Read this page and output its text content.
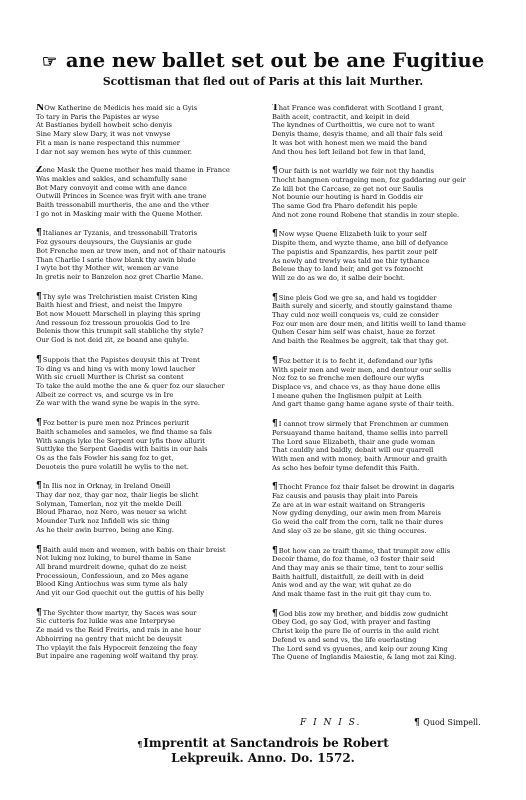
☞ ane new ballet set out be ane Fugitiue
Scottisman that fled out of Paris at this lait Murther.
NOw Katherine de Medicis hes maid sic a Gyis
To tary in Paris the Papistes ar wyse
At Bastianes bydell howbeit scho denyis
Sine Mary slew Dary, it was not vnwyse
Fit a man is nane respectand this nummer
I dar not say wemen hes wyte of this cummer.
Zone Mask the Quene mother hes maid thame in France
Was makles and sakles, and schamfully sane
Bot Mary convoyit and come with ane dance
Outwill Princes in Scence was fryit with ane trane
Baith tressonabill murtheris, the ane and the vther
I go not in Masking mair with the Quene Mother.
¶Italianes ar Tyzanis, and tressonabill Tratoris
Foz gysours deuysours, the Guysianis ar gude
Bot Frenche men ar trew men, and not of thair natouris
Than Charlie I sarie thow blank thy awin blude
I wyte bot thy Mother wit, wemen ar vane
In gretis neir to Banzelon noz gret Charlie Mane.
¶Thy syle was Trelchristien maist Cristen King
Baith hiest and friest, and neist the Impyre
Bot now Mouett Marschell in playing this spring
And ressoun foz tressoun prouokis God to Ire
Belenis thow this trumpit sall stabliche thy style?
Our God is not deid zit, ze boand ane quhyle.
¶Suppois that the Papistes deuysit this at Trent
To ding vs and hing vs with mony lowd laucher
With sic cruell Murther is Christ sa content
To take the auld mothe the ane & quer foz our slaucher
Albeit ze correct vs, and scurge vs in Ire
Ze war with the wand syne be wapis in the syre.
¶Foz better is pure men noz Princes periurit
Baith schameles and sameles, we find thame sa fals
With sangis lyke the Serpent our lyfis thow allurit
Suttlyke the Serpent Gaedis with baitis in our hals
Os as the fals Fowler his sang foz to get,
Deuoteis the pure volatill he wylis to the net.
¶In Ilis noz in Orknay, in Ireland Oneill
Thay dar noz, thay gar noz, thair liegis be slicht
Solyman, Tamerlan, noz yit the mekle Deill
Bloud Pharao, noz Nero, was neuer sa wicht
Mounder Turk noz Infidell wis sic thing
As he their awin burreo, being ane King.
¶Baith auld men and wemen, with babis on thair breist
Not luking noz luking, to burel thame in Sane
All brand murdreit downe, quhat do ze neist
Processioun, Confessioun, and zo Mes agane
Blood King Antiochus was sum tyme als haly
And yit our God quechit out the guttis of his belly
¶The Sychter thow martyr, thy Saces was sour
Sic cutteris foz luikie was ane Interpryse
Ze maid vs the Reid Freiris, and rais in ane hour
Abhoirring na gentry that micht be deuysit
Tho vplayit the fals Hypocreit fenzeing the feay
But inpaire ane ragening wolf waitand thy pray.
That France was confiderat with Scotland I grant,
Baith aceit, contractit, and keipit in deid
The kyndnes of Curthoittis, we cure not to want
Denyis thame, desyis thame, and all thair fals seid
It was bot with honest men we maid the band
And thou hes left leiland bot few in that land,
¶Our faith is not warldly we feir not thy handis
Thocht hangmen outrageing men, foz gaddaring our geir
Ze kill bot the Carcase, ze get not our Saulis
Not bounie our houting is hard in Goddis eir
The same God fra Pharo defendit his peple
And not zone round Robene that standis in zour steple.
¶Now wyse Quene Elizabeth luik to your self
Dispite them, and wyzte thame, ane bill of defyance
The papistis and Spanzardis, hes partit zour pelf
As newly and trewly was tald me thir tythance
Beleue thay to land heir, and get vs foznocht
Will ze do as we do, it salbe deir bocht.
¶Sine pleis God we gre sa, and hald vs togidder
Baith surely and sicerly, and stoutly gainstand thame
Thay culd noz weill conqueis vs, culd ze consider
Foz our men are dour men, and lititis weill to land thame
Quhen Cesar him self was chaist, haue ze forzet
And baith the Realmes be aggreit, tak that thay get.
¶Foz better it is to fecht it, defendand our lyfis
With speir men and weir men, and dentour our sellis
Noz foz to se frenche men defloure our wyfis
Displace vs, and chace vs, as thay haue done ellis
I meane quhen the Inglismen pulpit at Leith
And gart thame gang hame agane syste of thair teith.
¶I cannot trow sirmely that Frenchmen ar cummen
Persuayand thame haitand, thame sellis into parrell
The Lord saue Elizabeth, thair ane gude woman
That cauldly and baldly, debait will our quarrell
With men and with money, baith Armour and graith
As scho hes befoir tyme defendit this Faith.
¶Thocht France foz thair falset be drowint in dagaris
Faz causis and pausis thay plait into Pareis
Ze are at in war estait waitand on Strangeris
Now gyding denyding, our awin men from Mareis
Go weid the calf from the corn, talk ne thair dures
And slay o3 ze be slane, git sic thing occures.
¶Bot how can ze traift thame, that trumpit zow ellis
Decoir thame, do foz thame, o3 foster thair seid
And thay may anis se thair time, tent to zour sellis
Baith haitfull, distaitfull, ze deill with in deid
Anis wod and ay the war, wit quhat ze do
And mak thame fast in the ruit git thay cum to.
¶God blis zow my brether, and biddis zow gudnicht
Obey God, go say God, with prayer and fasting
Christ keip the pure Ile of ourris in the auld richt
Defend vs and send vs, the life euerlasting
The Lord send vs gyuenes, and keip our zoung King
The Quene of Inglandis Maiestie, & lang mot zai King.
F I N I S.	¶ Quod Simpell.
¶Imprentit at Sanctandrois be Robert
Lekpreuik. Anno. Do. 1572.
